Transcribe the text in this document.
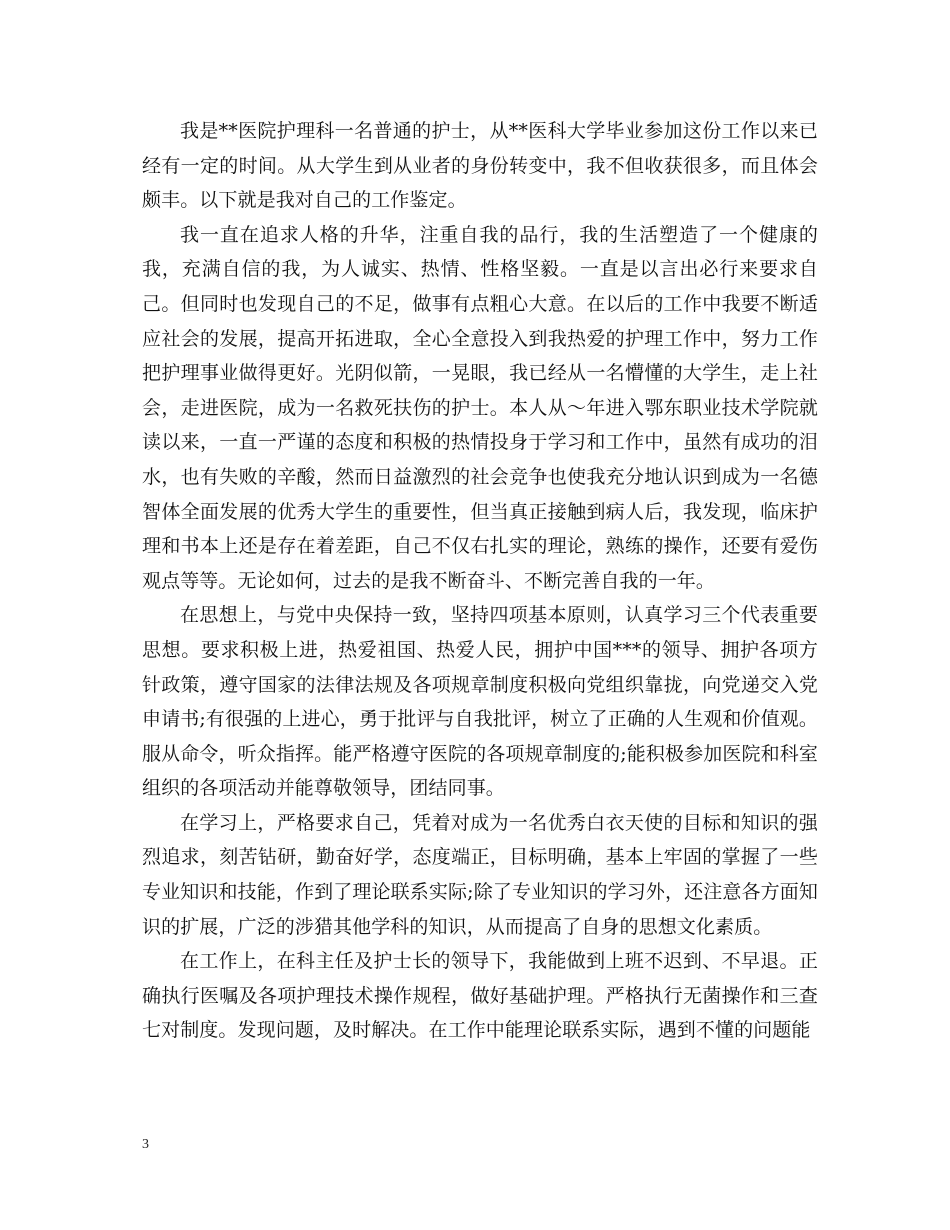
我是**医院护理科一名普通的护士，从**医科大学毕业参加这份工作以来已经有一定的时间。从大学生到从业者的身份转变中，我不但收获很多，而且体会颇丰。以下就是我对自己的工作鉴定。

我一直在追求人格的升华，注重自我的品行，我的生活塑造了一个健康的我，充满自信的我，为人诚实、热情、性格坚毅。一直是以言出必行来要求自己。但同时也发现自己的不足，做事有点粗心大意。在以后的工作中我要不断适应社会的发展，提高开拓进取，全心全意投入到我热爱的护理工作中，努力工作把护理事业做得更好。光阴似箭，一晃眼，我已经从一名懵懂的大学生，走上社会，走进医院，成为一名救死扶伤的护士。本人从～年进入鄂东职业技术学院就读以来，一直一严谨的态度和积极的热情投身于学习和工作中，虽然有成功的泪水，也有失败的辛酸，然而日益激烈的社会竞争也使我充分地认识到成为一名德智体全面发展的优秀大学生的重要性，但当真正接触到病人后，我发现，临床护理和书本上还是存在着差距，自己不仅右扎实的理论，熟练的操作，还要有爱伤观点等等。无论如何，过去的是我不断奋斗、不断完善自我的一年。

在思想上，与党中央保持一致，坚持四项基本原则，认真学习三个代表重要思想。要求积极上进，热爱祖国、热爱人民，拥护中国***的领导、拥护各项方针政策，遵守国家的法律法规及各项规章制度积极向党组织靠拢，向党递交入党申请书;有很强的上进心，勇于批评与自我批评，树立了正确的人生观和价值观。服从命令，听众指挥。能严格遵守医院的各项规章制度的;能积极参加医院和科室组织的各项活动并能尊敬领导，团结同事。

在学习上，严格要求自己，凭着对成为一名优秀白衣天使的目标和知识的强烈追求，刻苦钻研，勤奋好学，态度端正，目标明确，基本上牢固的掌握了一些专业知识和技能，作到了理论联系实际;除了专业知识的学习外，还注意各方面知识的扩展，广泛的涉猎其他学科的知识，从而提高了自身的思想文化素质。

在工作上，在科主任及护士长的领导下，我能做到上班不迟到、不早退。正确执行医嘱及各项护理技术操作规程，做好基础护理。严格执行无菌操作和三查七对制度。发现问题，及时解决。在工作中能理论联系实际，遇到不懂的问题能

3
